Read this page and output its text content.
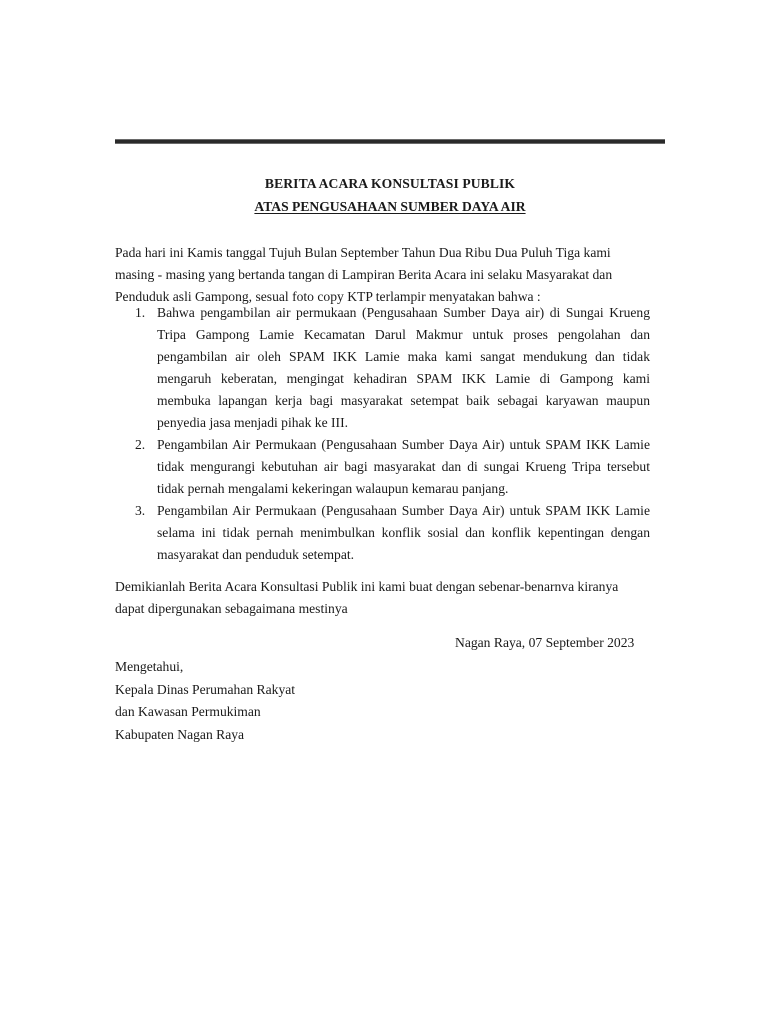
BERITA ACARA KONSULTASI PUBLIK
ATAS PENGUSAHAAN SUMBER DAYA AIR

Pada hari ini Kamis tanggal Tujuh Bulan September Tahun Dua Ribu Dua Puluh Tiga kami masing - masing yang bertanda tangan di Lampiran Berita Acara ini selaku Masyarakat dan Penduduk asli Gampong, sesual foto copy KTP terlampir menyatakan bahwa :

1. Bahwa pengambilan air permukaan (Pengusahaan Sumber Daya air) di Sungai Krueng Tripa Gampong Lamie Kecamatan Darul Makmur untuk proses pengolahan dan pengambilan air oleh SPAM IKK Lamie maka kami sangat mendukung dan tidak mengaruh keberatan, mengingat kehadiran SPAM IKK Lamie di Gampong kami membuka lapangan kerja bagi masyarakat setempat baik sebagai karyawan maupun penyedia jasa menjadi pihak ke III.
2. Pengambilan Air Permukaan (Pengusahaan Sumber Daya Air) untuk SPAM IKK Lamie tidak mengurangi kebutuhan air bagi masyarakat dan di sungai Krueng Tripa tersebut tidak pernah mengalami kekeringan walaupun kemarau panjang.
3. Pengambilan Air Permukaan (Pengusahaan Sumber Daya Air) untuk SPAM IKK Lamie selama ini tidak pernah menimbulkan konflik sosial dan konflik kepentingan dengan masyarakat dan penduduk setempat.

Demikianlah Berita Acara Konsultasi Publik ini kami buat dengan sebenar-benarnva kiranya dapat dipergunakan sebagaimana mestinya

Nagan Raya, 07 September 2023
Mengetahui,
Kepala Dinas Perumahan Rakyat
dan Kawasan Permukiman
Kabupaten Nagan Raya
